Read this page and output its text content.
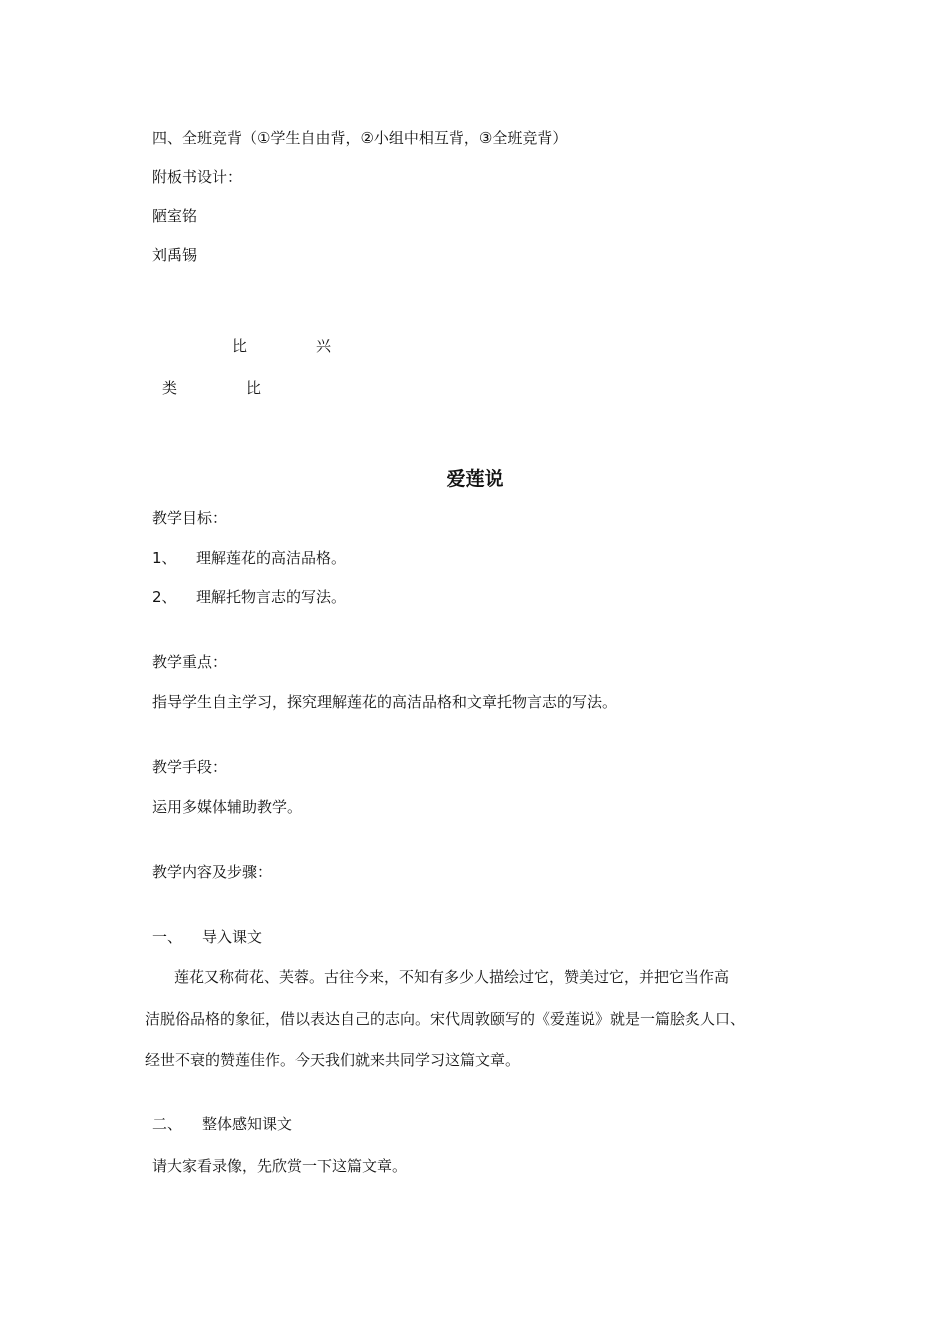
四、全班竞背（①学生自由背，②小组中相互背，③全班竞背）
附板书设计：
陋室铭
刘禹锡
比	兴
类	比
爱莲说
教学目标：
1、 理解莲花的高洁品格。
2、 理解托物言志的写法。
教学重点：
指导学生自主学习，探究理解莲花的高洁品格和文章托物言志的写法。
教学手段：
运用多媒体辅助教学。
教学内容及步骤：
一、 导入课文
莲花又称荷花、芙蓉。古往今来，不知有多少人描绘过它，赞美过它，并把它当作高
洁脱俗品格的象征，借以表达自己的志向。宋代周敦颐写的《爱莲说》就是一篇脍炙人口、
经世不衰的赞莲佳作。今天我们就来共同学习这篇文章。
二、 整体感知课文
请大家看录像，先欣赏一下这篇文章。
